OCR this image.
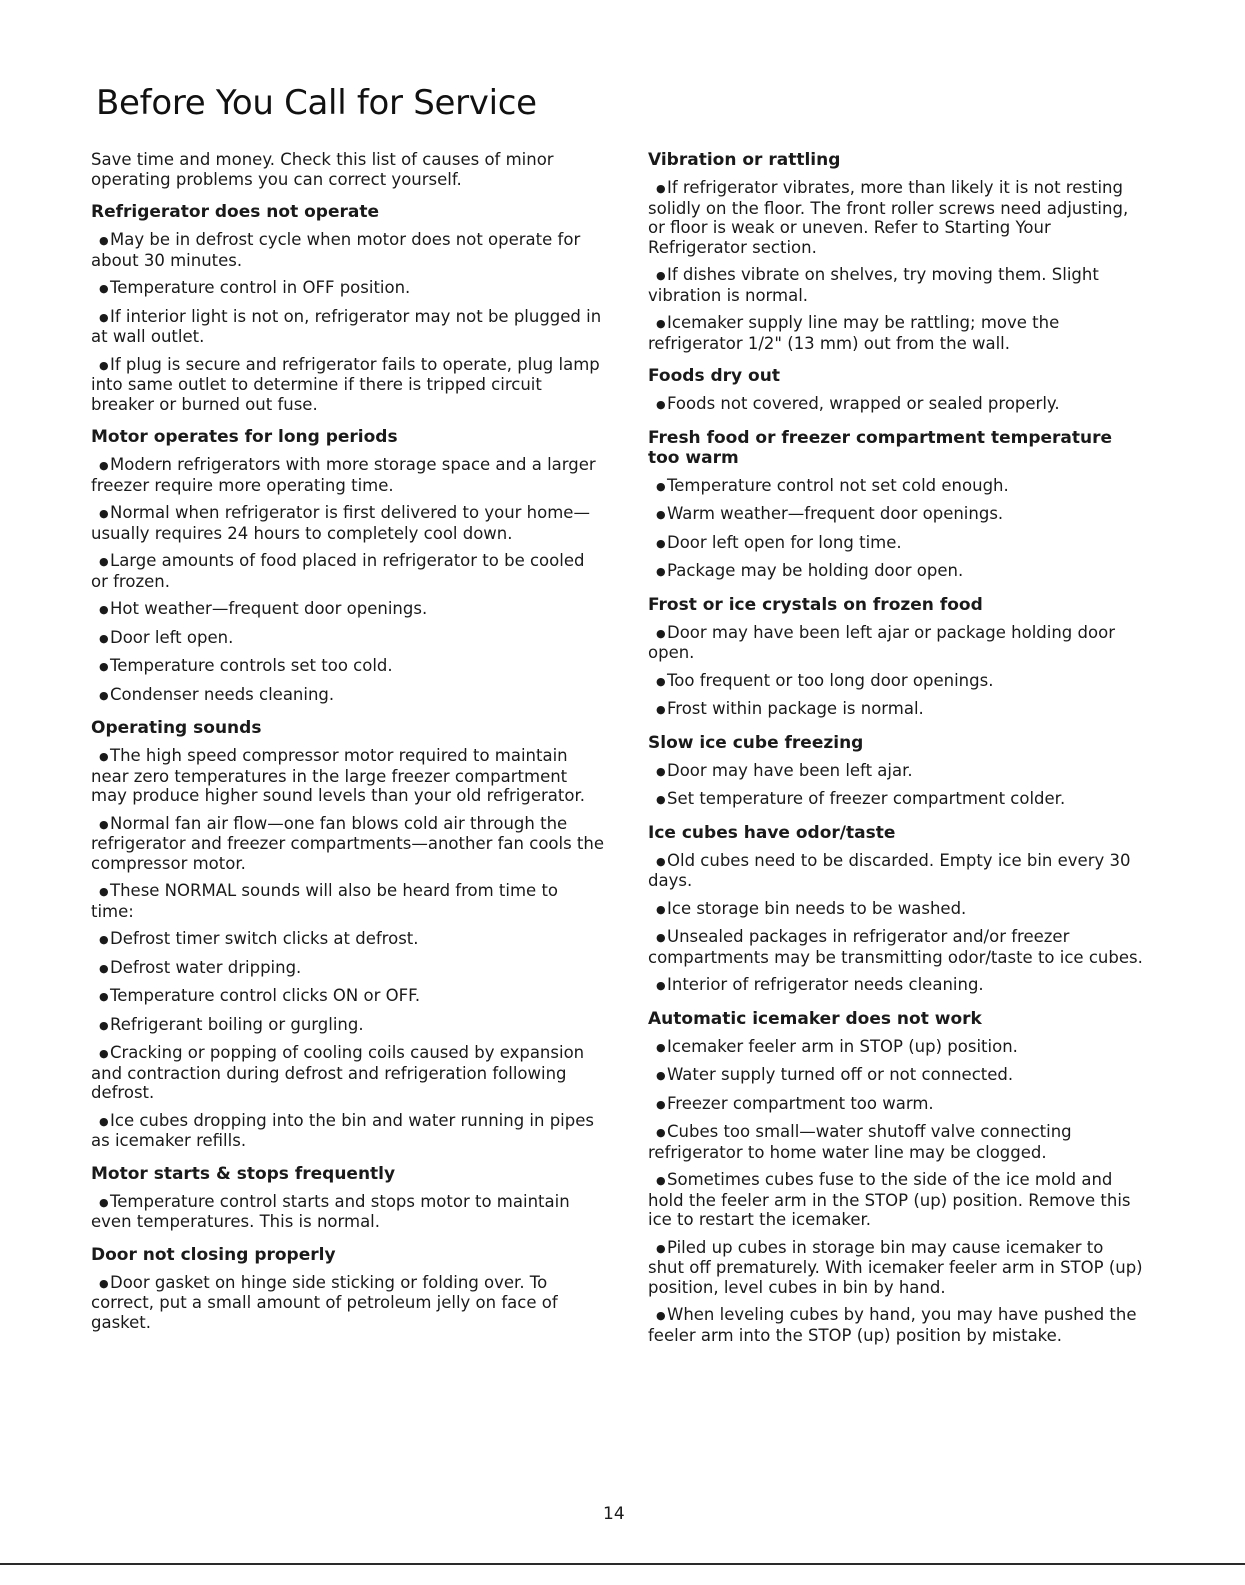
Before You Call for Service

Save time and money. Check this list of causes of minor operating problems you can correct yourself.

Refrigerator does not operate

●May be in defrost cycle when motor does not operate for about 30 minutes.

●Temperature control in OFF position.

●If interior light is not on, refrigerator may not be plugged in at wall outlet.

●If plug is secure and refrigerator fails to operate, plug lamp into same outlet to determine if there is tripped circuit breaker or burned out fuse.

Motor operates for long periods

●Modern refrigerators with more storage space and a larger freezer require more operating time.

●Normal when refrigerator is first delivered to your home—usually requires 24 hours to completely cool down.

●Large amounts of food placed in refrigerator to be cooled or frozen.

●Hot weather—frequent door openings.

●Door left open.

●Temperature controls set too cold.

●Condenser needs cleaning.

Operating sounds

●The high speed compressor motor required to maintain near zero temperatures in the large freezer compartment may produce higher sound levels than your old refrigerator.

●Normal fan air flow—one fan blows cold air through the refrigerator and freezer compartments—another fan cools the compressor motor.

●These NORMAL sounds will also be heard from time to time:

●Defrost timer switch clicks at defrost.

●Defrost water dripping.

●Temperature control clicks ON or OFF.

●Refrigerant boiling or gurgling.

●Cracking or popping of cooling coils caused by expansion and contraction during defrost and refrigeration following defrost.

●Ice cubes dropping into the bin and water running in pipes as icemaker refills.

Motor starts & stops frequently

●Temperature control starts and stops motor to maintain even temperatures. This is normal.

Door not closing properly

●Door gasket on hinge side sticking or folding over. To correct, put a small amount of petroleum jelly on face of gasket.

Vibration or rattling

●If refrigerator vibrates, more than likely it is not resting solidly on the floor. The front roller screws need adjusting, or floor is weak or uneven. Refer to Starting Your Refrigerator section.

●If dishes vibrate on shelves, try moving them. Slight vibration is normal.

●Icemaker supply line may be rattling; move the refrigerator 1/2" (13 mm) out from the wall.

Foods dry out

●Foods not covered, wrapped or sealed properly.

Fresh food or freezer compartment temperature too warm

●Temperature control not set cold enough.

●Warm weather—frequent door openings.

●Door left open for long time.

●Package may be holding door open.

Frost or ice crystals on frozen food

●Door may have been left ajar or package holding door open.

●Too frequent or too long door openings.

●Frost within package is normal.

Slow ice cube freezing

●Door may have been left ajar.

●Set temperature of freezer compartment colder.

Ice cubes have odor/taste

●Old cubes need to be discarded. Empty ice bin every 30 days.

●Ice storage bin needs to be washed.

●Unsealed packages in refrigerator and/or freezer compartments may be transmitting odor/taste to ice cubes.

●Interior of refrigerator needs cleaning.

Automatic icemaker does not work

●Icemaker feeler arm in STOP (up) position.

●Water supply turned off or not connected.

●Freezer compartment too warm.

●Cubes too small—water shutoff valve connecting refrigerator to home water line may be clogged.

●Sometimes cubes fuse to the side of the ice mold and hold the feeler arm in the STOP (up) position. Remove this ice to restart the icemaker.

●Piled up cubes in storage bin may cause icemaker to shut off prematurely. With icemaker feeler arm in STOP (up) position, level cubes in bin by hand.

●When leveling cubes by hand, you may have pushed the feeler arm into the STOP (up) position by mistake.

14
